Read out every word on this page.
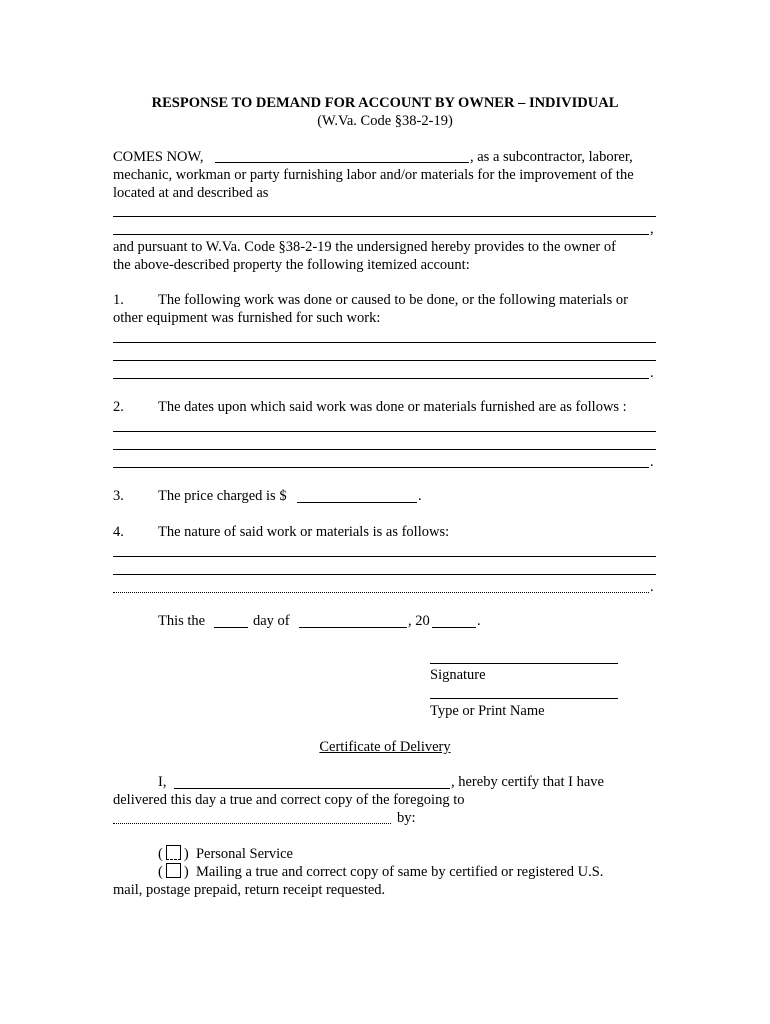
RESPONSE TO DEMAND FOR ACCOUNT BY OWNER – INDIVIDUAL
(W.Va. Code §38-2-19)
COMES NOW,	, as a subcontractor, laborer,
mechanic, workman or party furnishing labor and/or materials for the improvement of the
located at and described as
,
and pursuant to W.Va. Code §38-2-19 the undersigned hereby provides to the owner of
the above-described property the following itemized account:
1. The following work was done or caused to be done, or the following materials or
other equipment was furnished for such work:
.
2. The dates upon which said work was done or materials furnished are as follows :
.
3. The price charged is $	.
4. The nature of said work or materials is as follows:
.
This the	day of	, 20	.
Signature
Type or Print Name
Certificate of Delivery
I,	, hereby certify that I have
delivered this day a true and correct copy of the foregoing to
by:
( )  Personal Service
( )  Mailing a true and correct copy of same by certified or registered U.S.
mail, postage prepaid, return receipt requested.
